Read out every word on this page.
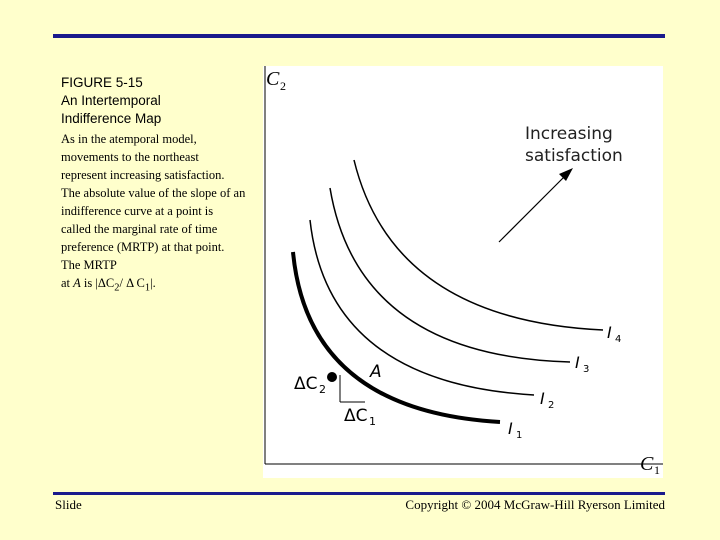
FIGURE 5-15
An Intertemporal
Indifference Map
As in the atemporal model, movements to the northeast represent increasing satisfaction. The absolute value of the slope of an indifference curve at a point is called the marginal rate of time preference (MRTP) at that point. The MRTP
at A is $|\Delta C_2/$ Δ $C_1|$.
C 2
C 1
Increasing
satisfaction
A
ΔC 2
ΔC 1	I 1
I 2
I 3
I 4
Slide	Copyright © 2004 McGraw-Hill Ryerson Limited
